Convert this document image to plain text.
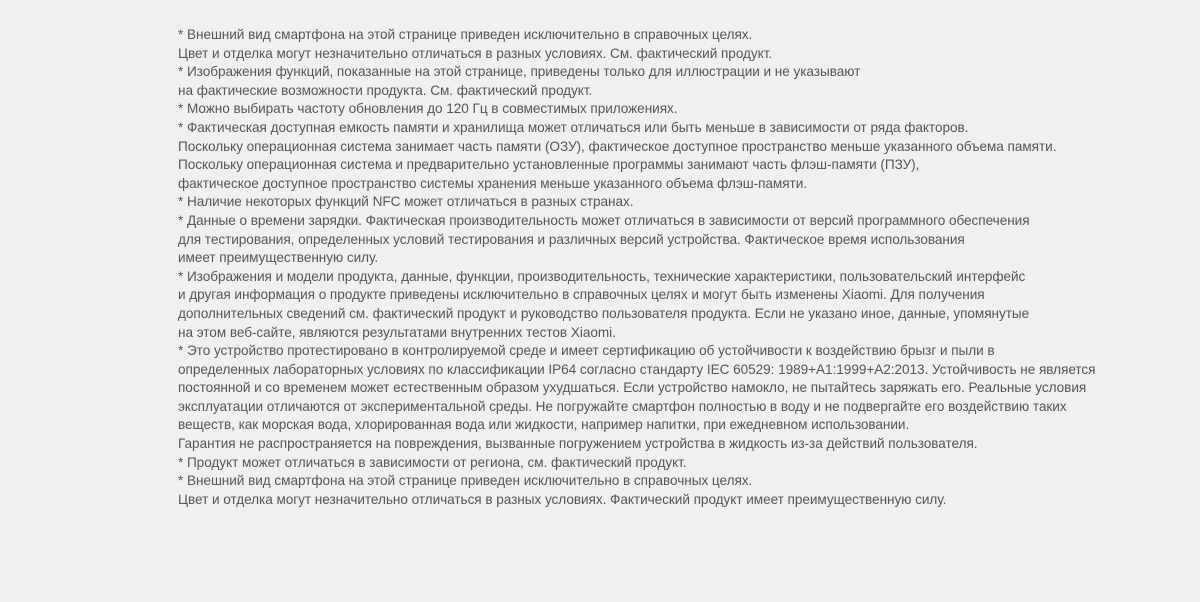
* Внешний вид смартфона на этой странице приведен исключительно в справочных целях.
Цвет и отделка могут незначительно отличаться в разных условиях. См. фактический продукт.
* Изображения функций, показанные на этой странице, приведены только для иллюстрации и не указывают
на фактические возможности продукта. См. фактический продукт.
* Можно выбирать частоту обновления до 120 Гц в совместимых приложениях.
* Фактическая доступная емкость памяти и хранилища может отличаться или быть меньше в зависимости от ряда факторов.
Поскольку операционная система занимает часть памяти (ОЗУ), фактическое доступное пространство меньше указанного объема памяти.
Поскольку операционная система и предварительно установленные программы занимают часть флэш-памяти (ПЗУ),
фактическое доступное пространство системы хранения меньше указанного объема флэш-памяти.
* Наличие некоторых функций NFC может отличаться в разных странах.
* Данные о времени зарядки. Фактическая производительность может отличаться в зависимости от версий программного обеспечения
для тестирования, определенных условий тестирования и различных версий устройства. Фактическое время использования
имеет преимущественную силу.
* Изображения и модели продукта, данные, функции, производительность, технические характеристики, пользовательский интерфейс
и другая информация о продукте приведены исключительно в справочных целях и могут быть изменены Xiaomi. Для получения
дополнительных сведений см. фактический продукт и руководство пользователя продукта. Если не указано иное, данные, упомянутые
на этом веб-сайте, являются результатами внутренних тестов Xiaomi.
* Это устройство протестировано в контролируемой среде и имеет сертификацию об устойчивости к воздействию брызг и пыли в
определенных лабораторных условиях по классификации IP64 согласно стандарту IEC 60529: 1989+A1:1999+A2:2013. Устойчивость не является
постоянной и со временем может естественным образом ухудшаться. Если устройство намокло, не пытайтесь заряжать его. Реальные условия
эксплуатации отличаются от экспериментальной среды. Не погружайте смартфон полностью в воду и не подвергайте его воздействию таких
веществ, как морская вода, хлорированная вода или жидкости, например напитки, при ежедневном использовании.
Гарантия не распространяется на повреждения, вызванные погружением устройства в жидкость из-за действий пользователя.
* Продукт может отличаться в зависимости от региона, см. фактический продукт.
* Внешний вид смартфона на этой странице приведен исключительно в справочных целях.
Цвет и отделка могут незначительно отличаться в разных условиях. Фактический продукт имеет преимущественную силу.
